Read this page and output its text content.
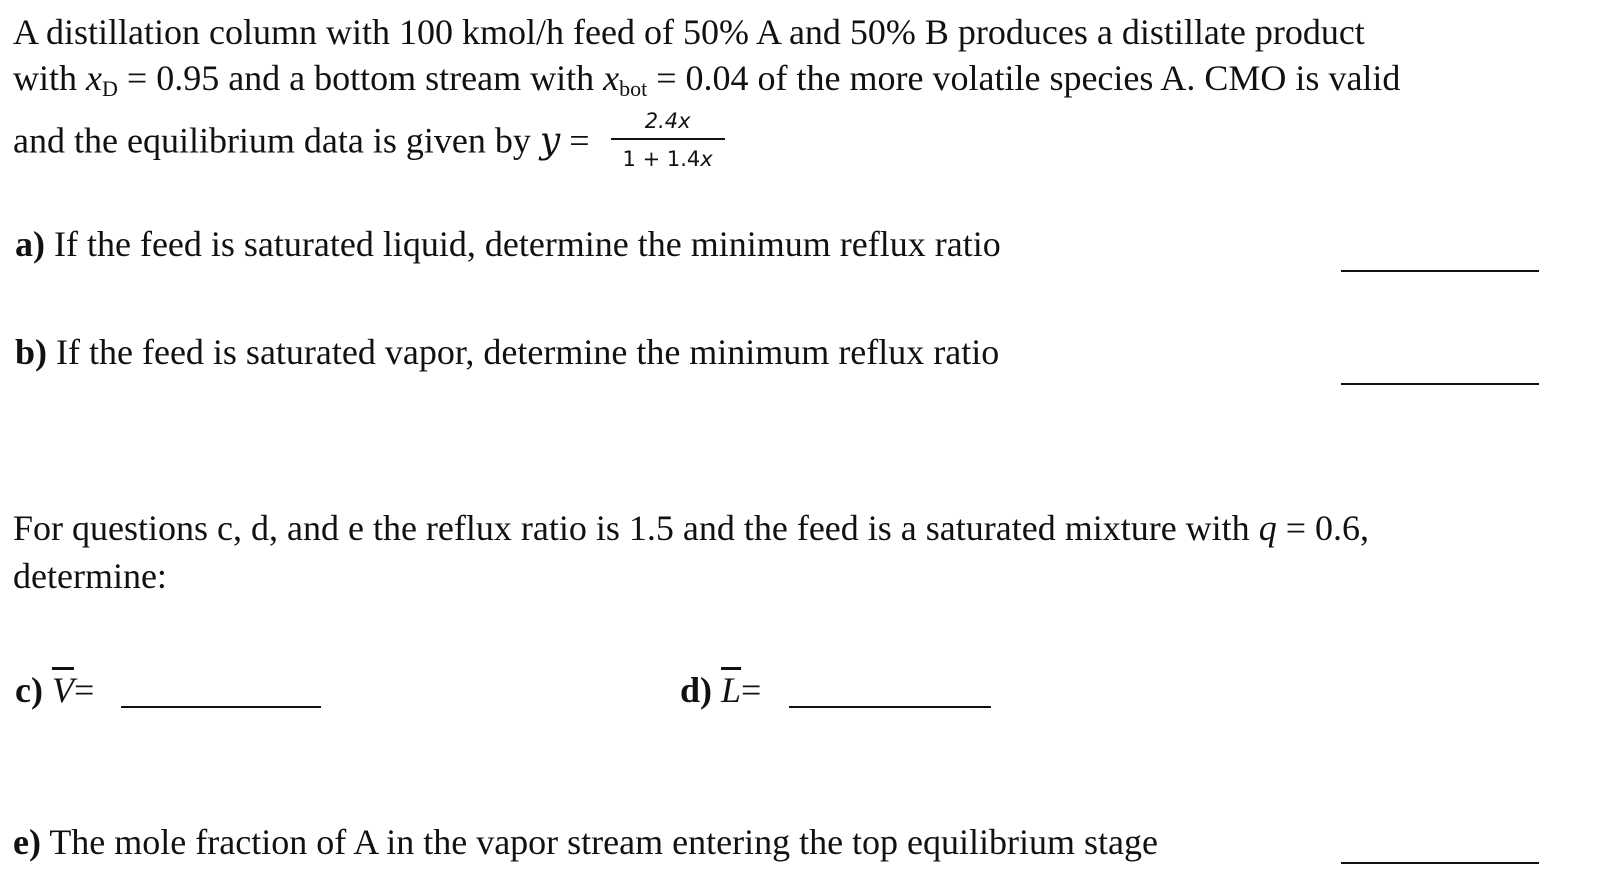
A distillation column with 100 kmol/h feed of 50% A and 50% B produces a distillate product
with xD = 0.95 and a bottom stream with xbot = 0.04 of the more volatile species A. CMO is valid
and the equilibrium data is given by $y = \frac{2.4x}{1 + 1.4x}$
a) If the feed is saturated liquid, determine the minimum reflux ratio
b) If the feed is saturated vapor, determine the minimum reflux ratio
For questions c, d, and e the reflux ratio is 1.5 and the feed is a saturated mixture with q = 0.6,
determine:
c) $\overline{V}=$	d) $\overline{L}=$
e) The mole fraction of A in the vapor stream entering the top equilibrium stage
